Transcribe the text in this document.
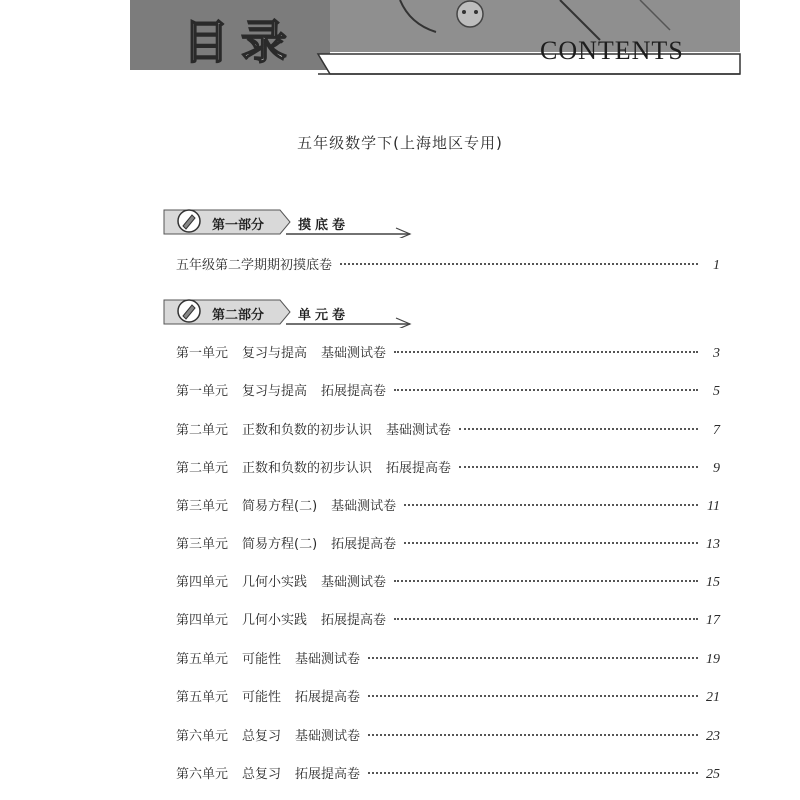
目录	CONTENTS
五年级数学下(上海地区专用)
第一部分	摸底卷
五年级第二学期期初摸底卷	1
第二部分	单元卷
第一单元 复习与提高 基础测试卷	3
第一单元 复习与提高 拓展提高卷	5
第二单元 正数和负数的初步认识 基础测试卷	7
第二单元 正数和负数的初步认识 拓展提高卷	9
第三单元 简易方程(二) 基础测试卷	11
第三单元 简易方程(二) 拓展提高卷	13
第四单元 几何小实践 基础测试卷	15
第四单元 几何小实践 拓展提高卷	17
第五单元 可能性 基础测试卷	19
第五单元 可能性 拓展提高卷	21
第六单元 总复习 基础测试卷	23
第六单元 总复习 拓展提高卷	25
